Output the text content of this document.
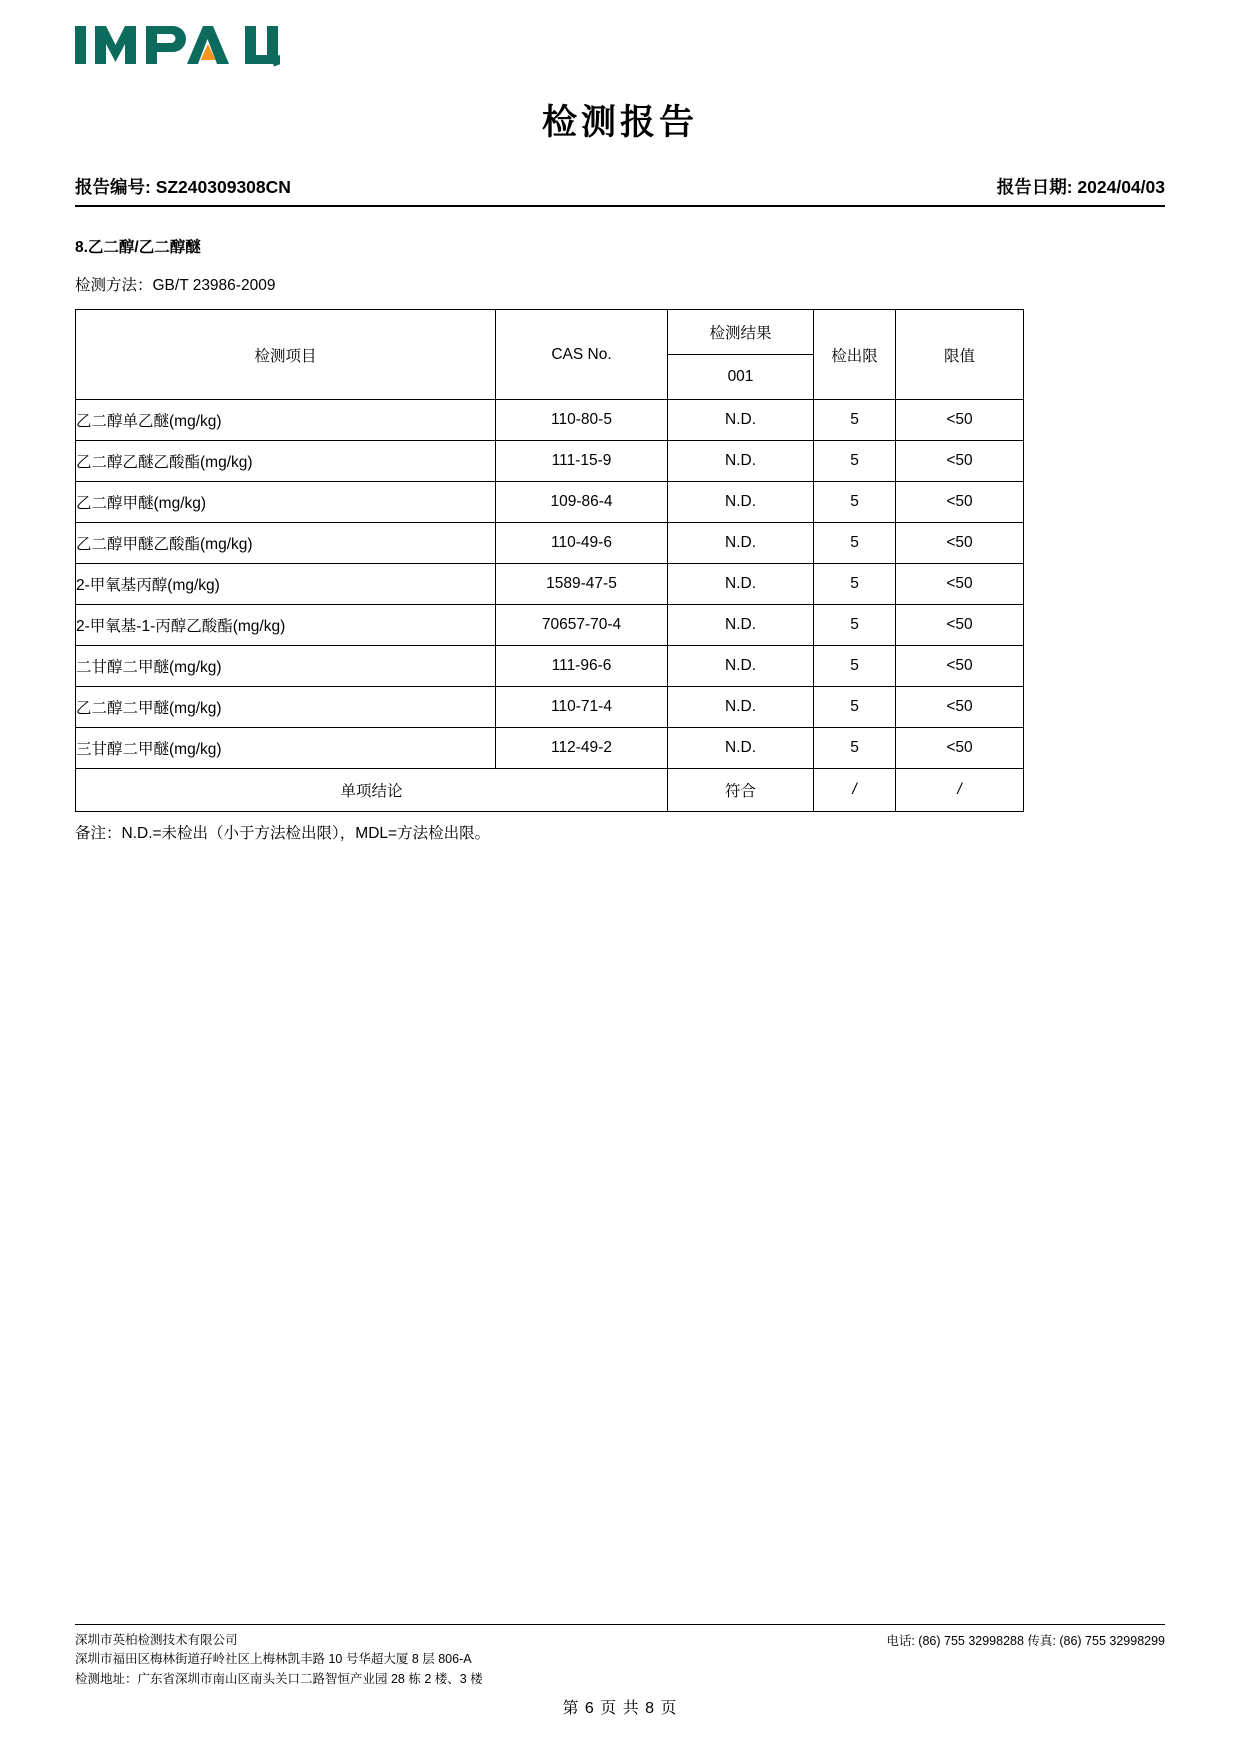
检测报告
报告编号: SZ240309308CN	报告日期: 2024/04/03
8.乙二醇/乙二醇醚
检测方法：GB/T 23986-2009
检测项目	CAS No.	检测结果	检出限	限值
		001		
乙二醇单乙醚(mg/kg)	110-80-5	N.D.	5	<50
乙二醇乙醚乙酸酯(mg/kg)	111-15-9	N.D.	5	<50
乙二醇甲醚(mg/kg)	109-86-4	N.D.	5	<50
乙二醇甲醚乙酸酯(mg/kg)	110-49-6	N.D.	5	<50
2-甲氧基丙醇(mg/kg)	1589-47-5	N.D.	5	<50
2-甲氧基-1-丙醇乙酸酯(mg/kg)	70657-70-4	N.D.	5	<50
二甘醇二甲醚(mg/kg)	111-96-6	N.D.	5	<50
乙二醇二甲醚(mg/kg)	110-71-4	N.D.	5	<50
三甘醇二甲醚(mg/kg)	112-49-2	N.D.	5	<50
单项结论		符合	/	/
备注：N.D.=未检出（小于方法检出限），MDL=方法检出限。
深圳市英柏检测技术有限公司
深圳市福田区梅林街道孖岭社区上梅林凯丰路 10 号华超大厦 8 层 806-A
检测地址：广东省深圳市南山区南头关口二路智恒产业园 28 栋 2 楼、3 楼
电话: (86) 755 32998288 传真: (86) 755 32998299
第 6 页 共 8 页
